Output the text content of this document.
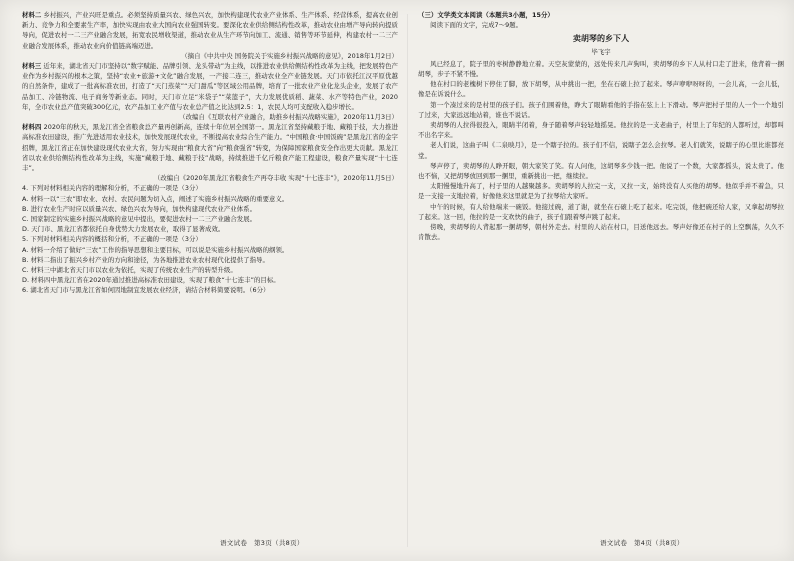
材料二 乡村振兴，产业兴旺是重点。必须坚持质量兴农、绿色兴农，加快构建现代农业产业体系、生产体系、经营体系，提高农业创新力、竞争力和全要素生产率，加快实现由农业大国向农业强国转变。要深化农业供给侧结构性改革，推动农业由增产导向转向提质导向，促进农村一二三产业融合发展，拓宽农民增收渠道，推动农业从生产环节向加工、流通、销售等环节延伸，构建农村一二三产业融合发展体系，推动农业向价值链高端迈进。

（摘自《中共中央 国务院关于实施乡村振兴战略的意见》，2018年1月2日）

材料三 近年来，湖北省天门市坚持以“数字赋能、品牌引领、龙头带动”为主线，以推进农业供给侧结构性改革为主线，把发展特色产业作为乡村振兴的根本之策，坚持“农业+旅游+文化”融合发展，一产接二连三，推动农业全产业链发展。天门市依托江汉平原优越的自然条件，建成了一批高标准农田，打造了“天门蒸菜”“天门甜瓜”等区域公用品牌，培育了一批农业产业化龙头企业，发展了农产品加工、冷链物流、电子商务等新业态。同时，天门市立足“米袋子”“菜篮子”，大力发展优质稻、蔬菜、水产等特色产业，2020年，全市农业总产值突破300亿元，农产品加工业产值与农业总产值之比达到2.5：1，农民人均可支配收入稳步增长。

（改编自《互联农村产业融合，助推乡村振兴战略实施》，2020年11月3日）

材料四 2020年的秋天，黑龙江省全省粮食总产量再创新高，连续十年位居全国第一。黑龙江省坚持藏粮于地、藏粮于技，大力推进高标准农田建设，推广先进适用农业技术，加快发展现代农业，不断提高农业综合生产能力。“中国粮食·中国饭碗”是黑龙江省的金字招牌，黑龙江省正在加快建设现代农业大省，努力实现由“粮食大省”向“粮食强省”转变，为保障国家粮食安全作出更大贡献。黑龙江省以农业供给侧结构性改革为主线，实施“藏粮于地、藏粮于技”战略，持续推进千亿斤粮食产能工程建设，粮食产量实现“十七连丰”。

（改编自《2020年黑龙江省粮食生产再夺丰收 实现“十七连丰”》，2020年11月5日）

4. 下列对材料相关内容的理解和分析，不正确的一项是（3分）

A. 材料一以“三农”即农业、农村、农民问题为切入点，阐述了实施乡村振兴战略的重要意义。

B. 进行农业生产时应以质量兴农、绿色兴农为导向，加快构建现代农业产业体系。

C. 国家制定的实施乡村振兴战略的意见中提出，要促进农村一二三产业融合发展。

D. 天门市、黑龙江省都依托自身优势大力发展农业，取得了显著成效。

5. 下列对材料相关内容的概括和分析，不正确的一项是（3分）

A. 材料一介绍了做好“三农”工作的指导思想和主要目标，可以说是实施乡村振兴战略的纲领。

B. 材料二指出了振兴乡村产业的方向和途径，为各地推进农业农村现代化提供了指导。

C. 材料三中湖北省天门市以农业为依托，实现了传统农业生产的转型升级。

D. 材料四中黑龙江省在2020年通过推进高标准农田建设，实现了粮食“十七连丰”的目标。

6. 湖北省天门市与黑龙江省如何因地制宜发展农业经济，请结合材料简要说明。（6分）

（三）文学类文本阅读（本题共3小题，15分）

阅读下面的文字，完成7～9题。

卖胡琴的乡下人
毕飞宇

风已经息了，院子里的枣树静静地立着。天空灰蒙蒙的，远处传来几声狗叫，卖胡琴的乡下人从村口走了进来，他背着一捆胡琴，步子不紧不慢。

他在村口的老槐树下停住了脚，放下胡琴，从中挑出一把，坐在石磙上拉了起来。琴声咿咿呀呀的，一会儿高，一会儿低，像是在诉说什么。

第一个凑过来的是村里的孩子们。孩子们围着他，睁大了眼睛看他的手指在弦上上下滑动。琴声把村子里的人一个一个地引了过来，大家远远地站着，谁也不说话。

卖胡琴的人拉得很投入，眼睛半闭着，身子随着琴声轻轻地摇晃。他拉的是一支老曲子，村里上了年纪的人都听过，却都叫不出名字来。

老人们说，这曲子叫《二泉映月》，是一个瞎子拉的。孩子们不信，说瞎子怎么会拉琴。老人们就笑，说瞎子的心里比谁都亮堂。

琴声停了，卖胡琴的人睁开眼，朝大家笑了笑。有人问他，这胡琴多少钱一把。他说了一个数，大家都摇头，说太贵了。他也不恼，又把胡琴放回到那一捆里，重新挑出一把，继续拉。

太阳慢慢地升高了，村子里的人越聚越多。卖胡琴的人拉完一支，又拉一支，始终没有人买他的胡琴。他似乎并不着急，只是一支接一支地拉着，好像他来这里就是为了拉琴给大家听。

中午的时候，有人给他端来一碗饭。他接过碗，道了谢，就坐在石磙上吃了起来。吃完饭，他把碗还给人家，又拿起胡琴拉了起来。这一回，他拉的是一支欢快的曲子，孩子们跟着琴声跳了起来。

傍晚，卖胡琴的人背起那一捆胡琴，朝村外走去。村里的人站在村口，目送他远去。琴声好像还在村子的上空飘荡，久久不肯散去。

语文试卷　第3页（共8页）	语文试卷　第4页（共8页）
